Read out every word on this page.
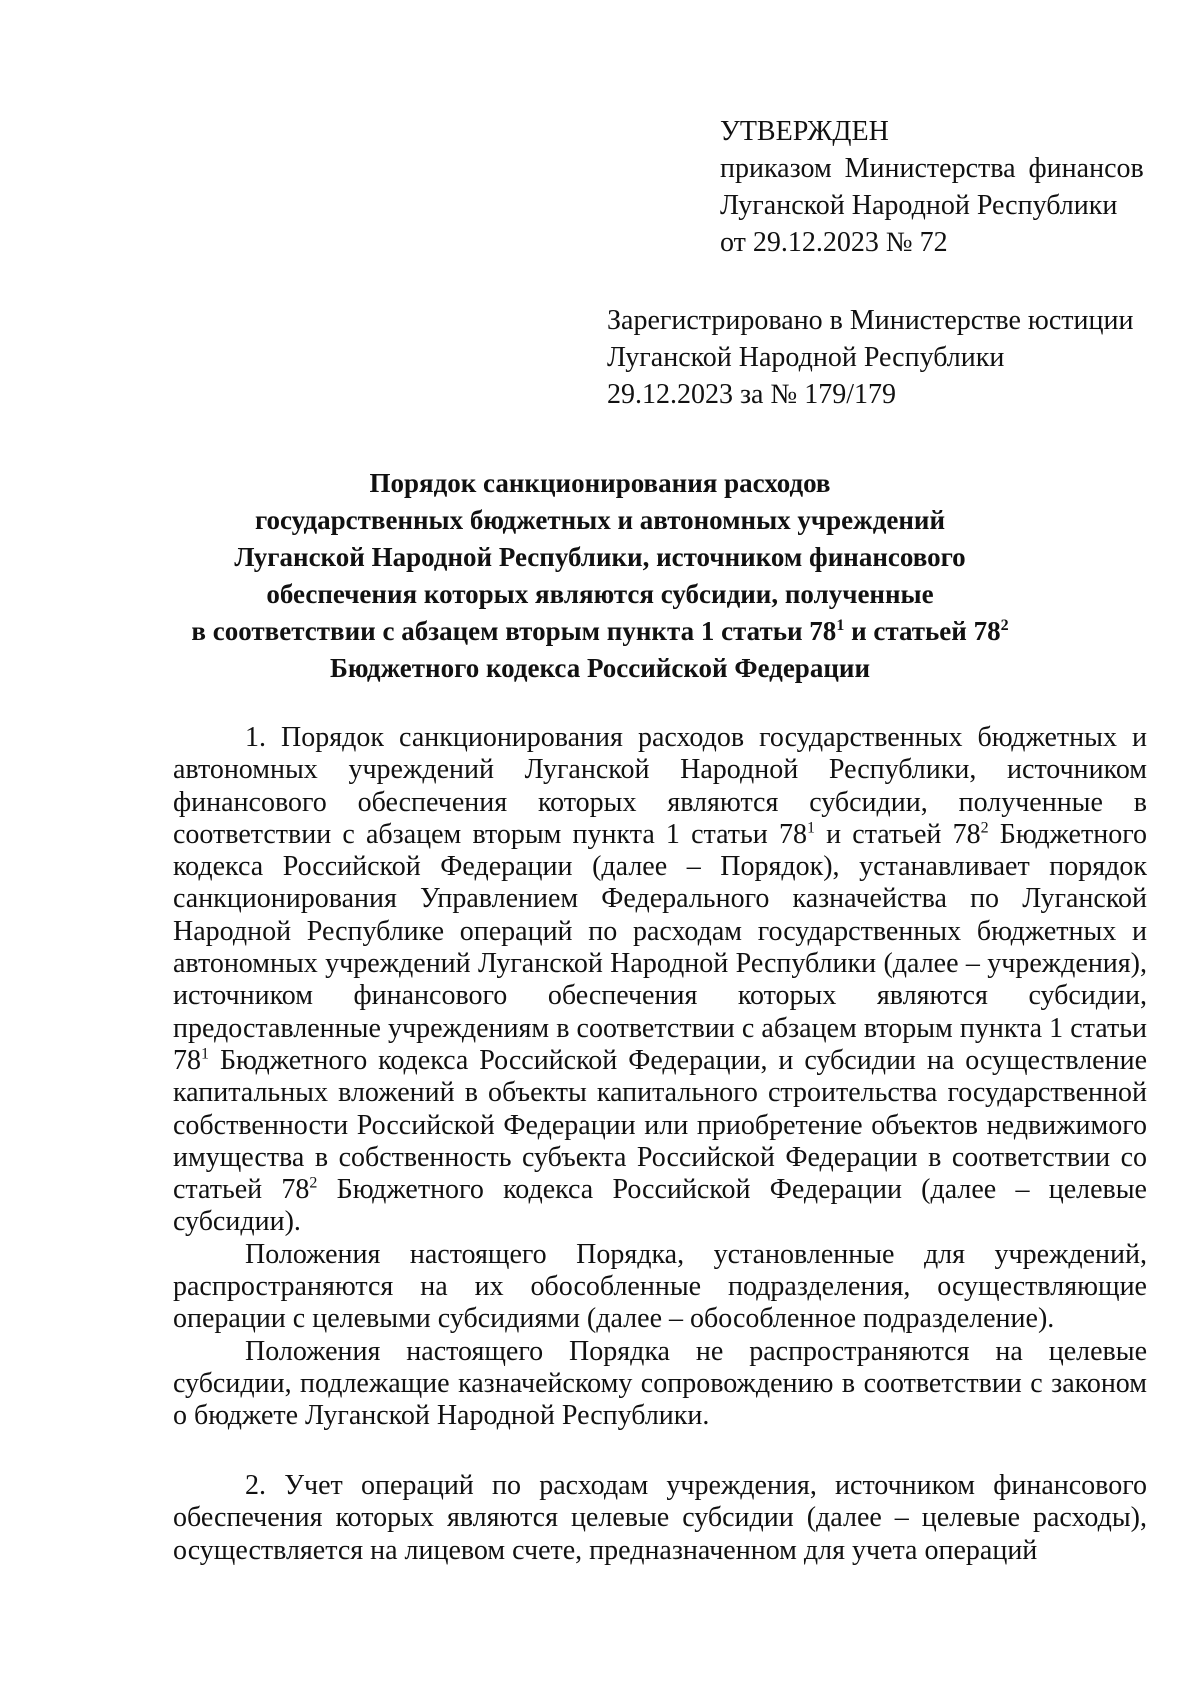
УТВЕРЖДЕН
приказом Министерства финансов
Луганской Народной Республики
от 29.12.2023 № 72
Зарегистрировано в Министерстве юстиции
Луганской Народной Республики
29.12.2023 за № 179/179
Порядок санкционирования расходов
государственных бюджетных и автономных учреждений
Луганской Народной Республики, источником финансового
обеспечения которых являются субсидии, полученные
в соответствии с абзацем вторым пункта 1 статьи $78^1$ и статьей $78^2$
Бюджетного кодекса Российской Федерации

1. Порядок санкционирования расходов государственных бюджетных и автономных учреждений Луганской Народной Республики, источником финансового обеспечения которых являются субсидии, полученные в соответствии с абзацем вторым пункта 1 статьи $78^1$ и статьей $78^2$ Бюджетного кодекса Российской Федерации (далее – Порядок), устанавливает порядок санкционирования Управлением Федерального казначейства по Луганской Народной Республике операций по расходам государственных бюджетных и автономных учреждений Луганской Народной Республики (далее – учреждения), источником финансового обеспечения которых являются субсидии, предоставленные учреждениям в соответствии с абзацем вторым пункта 1 статьи $78^1$ Бюджетного кодекса Российской Федерации, и субсидии на осуществление капитальных вложений в объекты капитального строительства государственной собственности Российской Федерации или приобретение объектов недвижимого имущества в собственность субъекта Российской Федерации в соответствии со статьей $78^2$ Бюджетного кодекса Российской Федерации (далее – целевые субсидии).

Положения настоящего Порядка, установленные для учреждений, распространяются на их обособленные подразделения, осуществляющие операции с целевыми субсидиями (далее – обособленное подразделение).

Положения настоящего Порядка не распространяются на целевые субсидии, подлежащие казначейскому сопровождению в соответствии с законом о бюджете Луганской Народной Республики.

2. Учет операций по расходам учреждения, источником финансового обеспечения которых являются целевые субсидии (далее – целевые расходы), осуществляется на лицевом счете, предназначенном для учета операций
